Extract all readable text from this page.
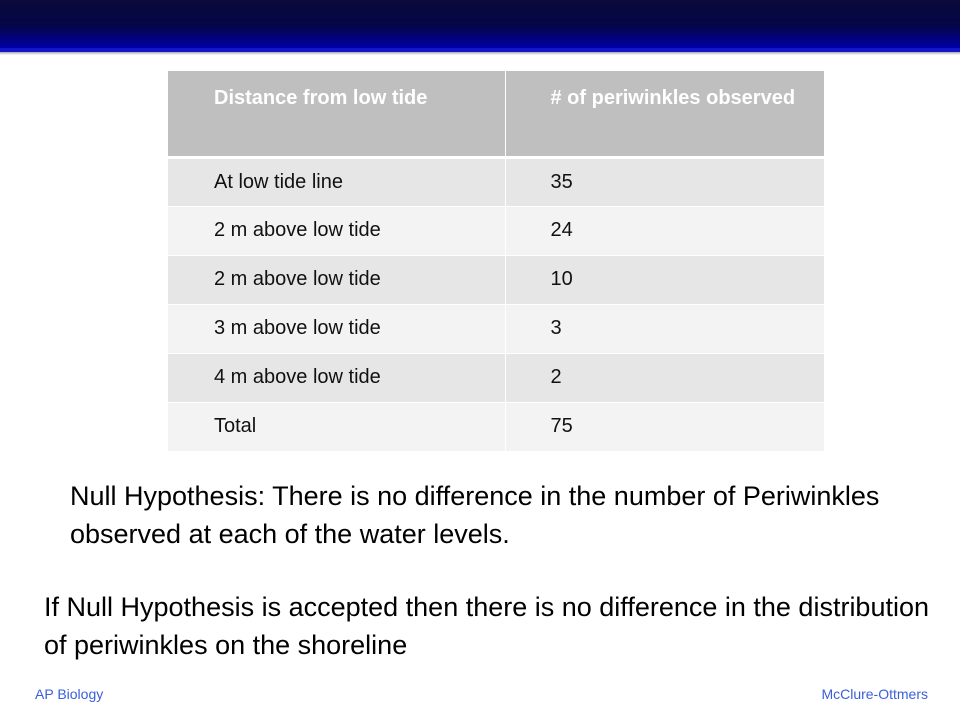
Distance from low tide	# of periwinkles observed
At low tide line	35
2 m above low tide	24
2 m above low tide	10
3 m above low tide	3
4 m above low tide	2
Total	75

Null Hypothesis: There is no difference in the number of Periwinkles observed at each of the water levels.

If Null Hypothesis is accepted then there is no difference in the distribution of periwinkles on the shoreline

AP Biology	McClure-Ottmers
